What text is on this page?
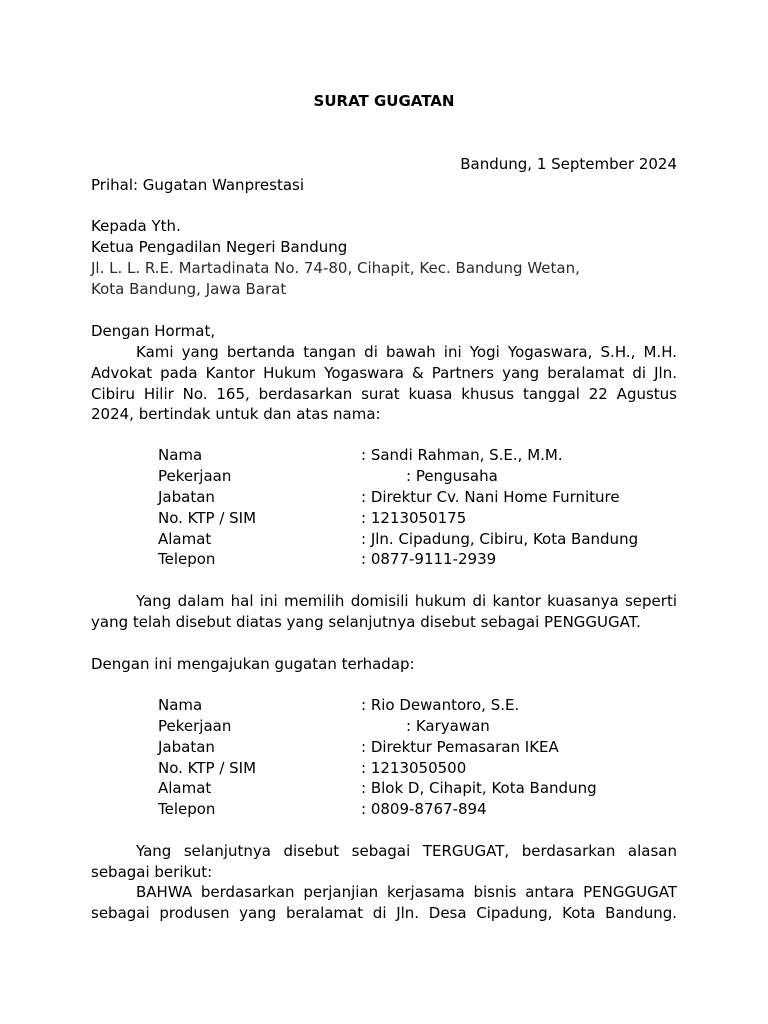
SURAT GUGATAN
Bandung, 1 September 2024
Prihal: Gugatan Wanprestasi
Kepada Yth.
Ketua Pengadilan Negeri Bandung
Jl. L. L. R.E. Martadinata No. 74-80, Cihapit, Kec. Bandung Wetan,
Kota Bandung, Jawa Barat
Dengan Hormat,
Kami yang bertanda tangan di bawah ini Yogi Yogaswara, S.H., M.H.
Advokat pada Kantor Hukum Yogaswara & Partners yang beralamat di Jln.
Cibiru Hilir No. 165, berdasarkan surat kuasa khusus tanggal 22 Agustus
2024, bertindak untuk dan atas nama:
Nama	: Sandi Rahman, S.E., M.M.
Pekerjaan	: Pengusaha
Jabatan	: Direktur Cv. Nani Home Furniture
No. KTP / SIM	: 1213050175
Alamat	: Jln. Cipadung, Cibiru, Kota Bandung
Telepon	: 0877-9111-2939
Yang dalam hal ini memilih domisili hukum di kantor kuasanya seperti
yang telah disebut diatas yang selanjutnya disebut sebagai PENGGUGAT.
Dengan ini mengajukan gugatan terhadap:
Nama	: Rio Dewantoro, S.E.
Pekerjaan	: Karyawan
Jabatan	: Direktur Pemasaran IKEA
No. KTP / SIM	: 1213050500
Alamat	: Blok D, Cihapit, Kota Bandung
Telepon	: 0809-8767-894
Yang selanjutnya disebut sebagai TERGUGAT, berdasarkan alasan
sebagai berikut:
BAHWA berdasarkan perjanjian kerjasama bisnis antara PENGGUGAT
sebagai produsen yang beralamat di Jln. Desa Cipadung, Kota Bandung.
